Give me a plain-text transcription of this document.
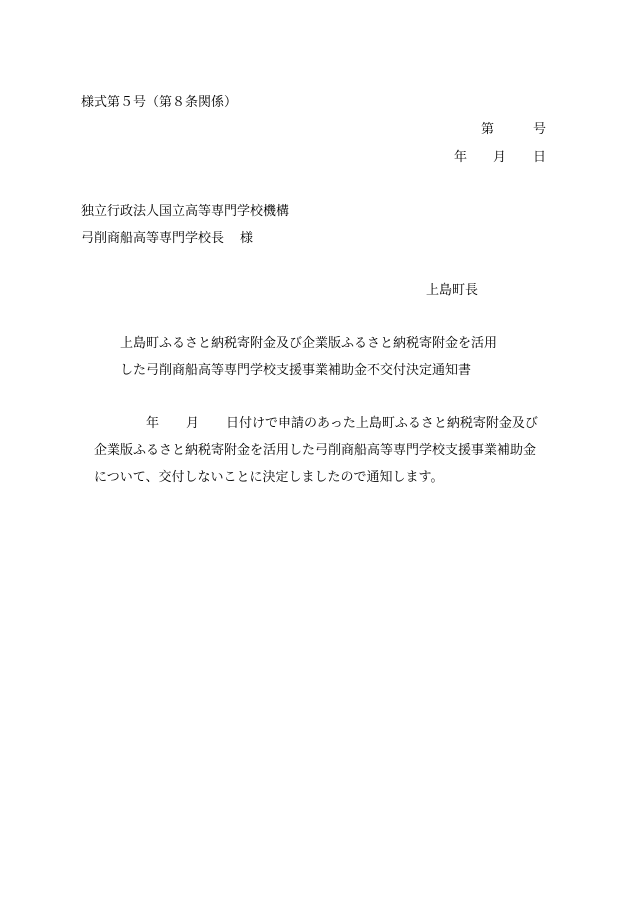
様式第５号（第８条関係）
第	号
年 月 日
独立行政法人国立高等専門学校機構
弓削商船高等専門学校長 様
上島町長
上島町ふるさと納税寄附金及び企業版ふるさと納税寄附金を活用
した弓削商船高等専門学校支援事業補助金不交付決定通知書
年 月 日付けで申請のあった上島町ふるさと納税寄附金及び
企業版ふるさと納税寄附金を活用した弓削商船高等専門学校支援事業補助金
について、交付しないことに決定しましたので通知します。
